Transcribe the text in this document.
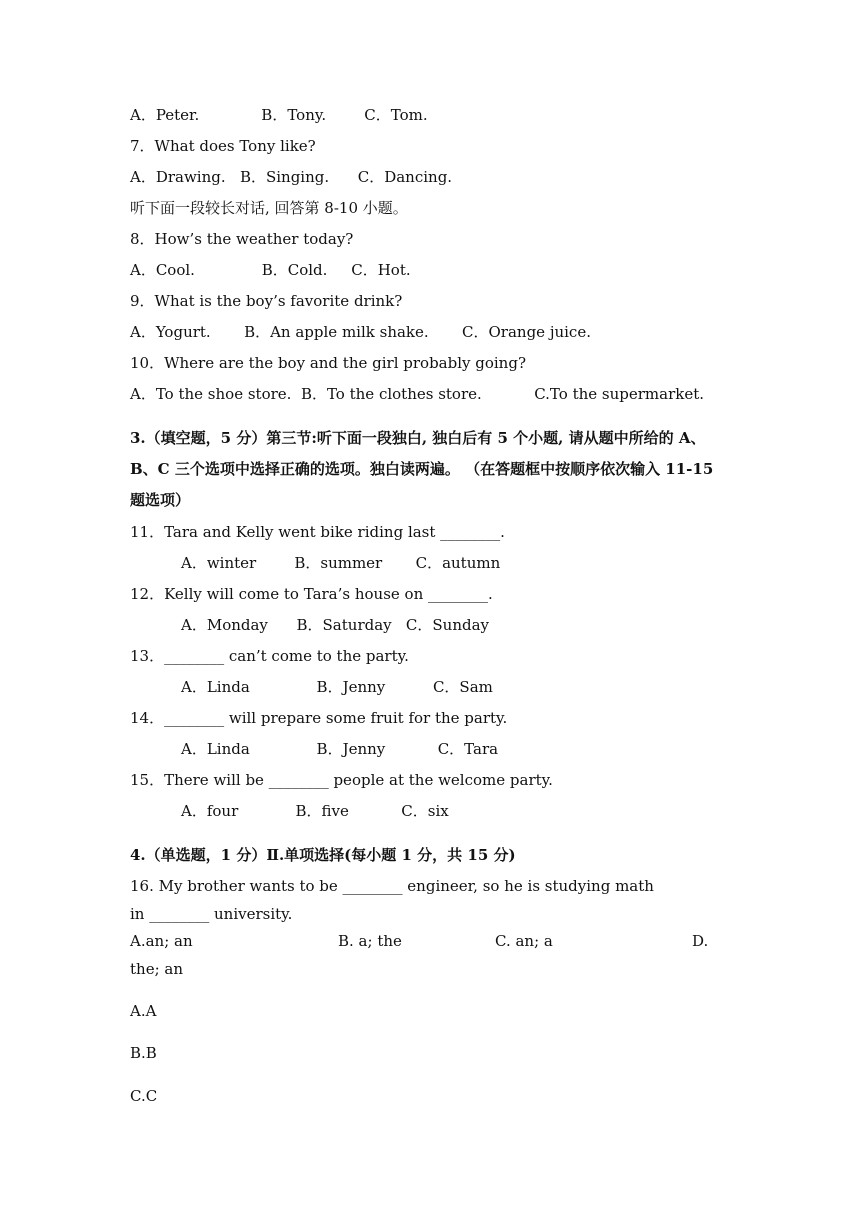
A．Peter.             B．Tony.        C．Tom.
7．What does Tony like?
A．Drawing.   B．Singing.      C．Dancing.
听下面一段较长对话, 回答第 8-10 小题。
8．How’s the weather today?
A．Cool.              B．Cold.     C．Hot.
9．What is the boy’s favorite drink?
A．Yogurt.       B．An apple milk shake.       C．Orange juice.
10．Where are the boy and the girl probably going?
A．To the shoe store.  B．To the clothes store.           C.To the supermarket.
3.（填空题，5 分）第三节:听下面一段独白, 独白后有 5 个小题, 请从题中所给的 A、
B、C 三个选项中选择正确的选项。独白读两遍。 （在答题框中按顺序依次输入 11-15
题选项）
11．Tara and Kelly went bike riding last ________.
A．winter        B．summer       C．autumn
12．Kelly will come to Tara’s house on ________.
A．Monday      B．Saturday   C．Sunday
13．________ can’t come to the party.
A．Linda              B．Jenny          C．Sam
14．________ will prepare some fruit for the party.
A．Linda              B．Jenny           C．Tara
15．There will be ________ people at the welcome party.
A．four            B．five           C．six
4.（单选题，1 分）Ⅱ.单项选择(每小题 1 分，共 15 分)
16. My brother wants to be ________ engineer, so he is studying math
in ________ university.
A.an; an	B. a; the	C. an; a	D.
the; an
A.A
B.B
C.C
